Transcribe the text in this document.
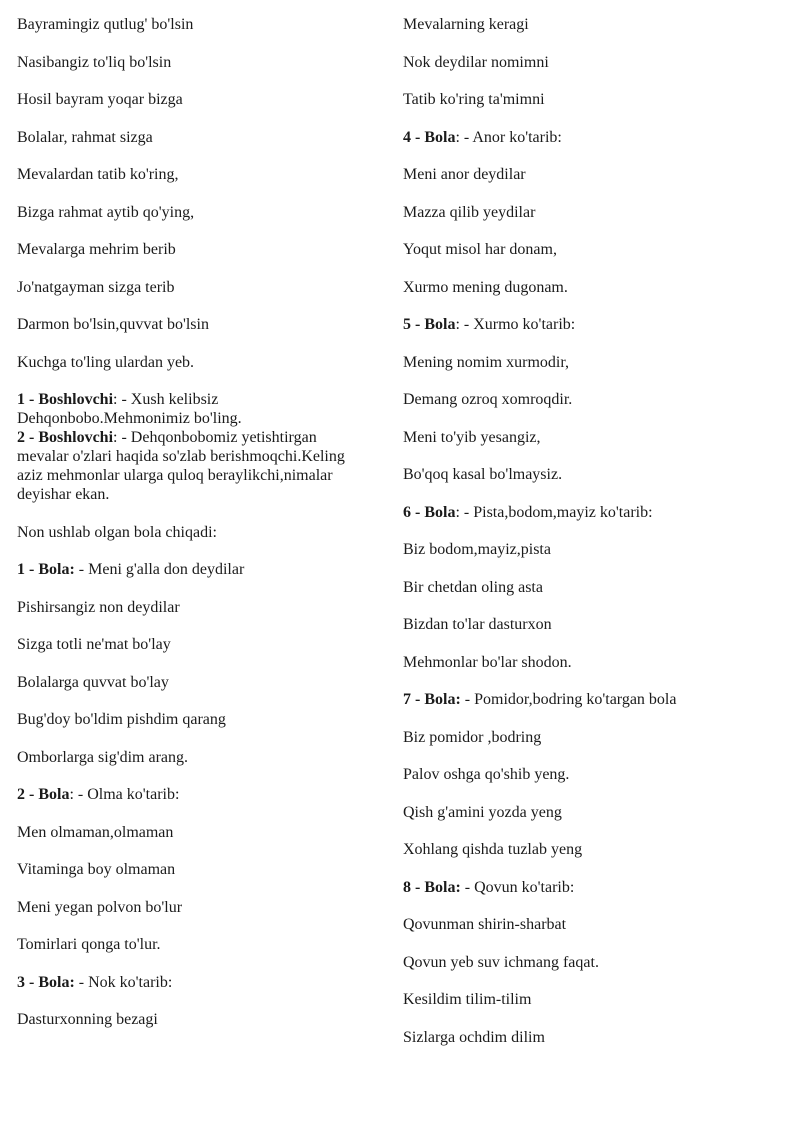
Bayramingiz qutlug' bo'lsin

Nasibangiz to'liq bo'lsin

Hosil bayram yoqar bizga

Bolalar, rahmat sizga

Mevalardan tatib ko'ring,

Bizga rahmat aytib qo'ying,

Mevalarga mehrim berib

Jo'natgayman sizga terib

Darmon bo'lsin,quvvat bo'lsin

Kuchga to'ling ulardan yeb.

1 - Boshlovchi: - Xush kelibsiz
Dehqonbobo.Mehmonimiz bo'ling.

2 - Boshlovchi: - Dehqonbobomiz yetishtirgan
mevalar o'zlari haqida so'zlab berishmoqchi.Keling
aziz mehmonlar ularga quloq beraylikchi,nimalar
deyishar ekan.

Non ushlab olgan bola chiqadi:

1 - Bola: - Meni g'alla don deydilar

Pishirsangiz non deydilar

Sizga totli ne'mat bo'lay

Bolalarga quvvat bo'lay

Bug'doy bo'ldim pishdim qarang

Omborlarga sig'dim arang.

2 - Bola: - Olma ko'tarib:

Men olmaman,olmaman

Vitaminga boy olmaman

Meni yegan polvon bo'lur

Tomirlari qonga to'lur.

3 - Bola: - Nok ko'tarib:

Dasturxonning bezagi

Mevalarning keragi

Nok deydilar nomimni

Tatib ko'ring ta'mimni

4 - Bola: - Anor ko'tarib:

Meni anor deydilar

Mazza qilib yeydilar

Yoqut misol har donam,

Xurmo mening dugonam.

5 - Bola: - Xurmo ko'tarib:

Mening nomim xurmodir,

Demang ozroq xomroqdir.

Meni to'yib yesangiz,

Bo'qoq kasal bo'lmaysiz.

6 - Bola: - Pista,bodom,mayiz ko'tarib:

Biz bodom,mayiz,pista

Bir chetdan oling asta

Bizdan to'lar dasturxon

Mehmonlar bo'lar shodon.

7 - Bola: - Pomidor,bodring ko'targan bola

Biz pomidor ,bodring

Palov oshga qo'shib yeng.

Qish g'amini yozda yeng

Xohlang qishda tuzlab yeng

8 - Bola: - Qovun ko'tarib:

Qovunman shirin-sharbat

Qovun yeb suv ichmang faqat.

Kesildim tilim-tilim

Sizlarga ochdim dilim
